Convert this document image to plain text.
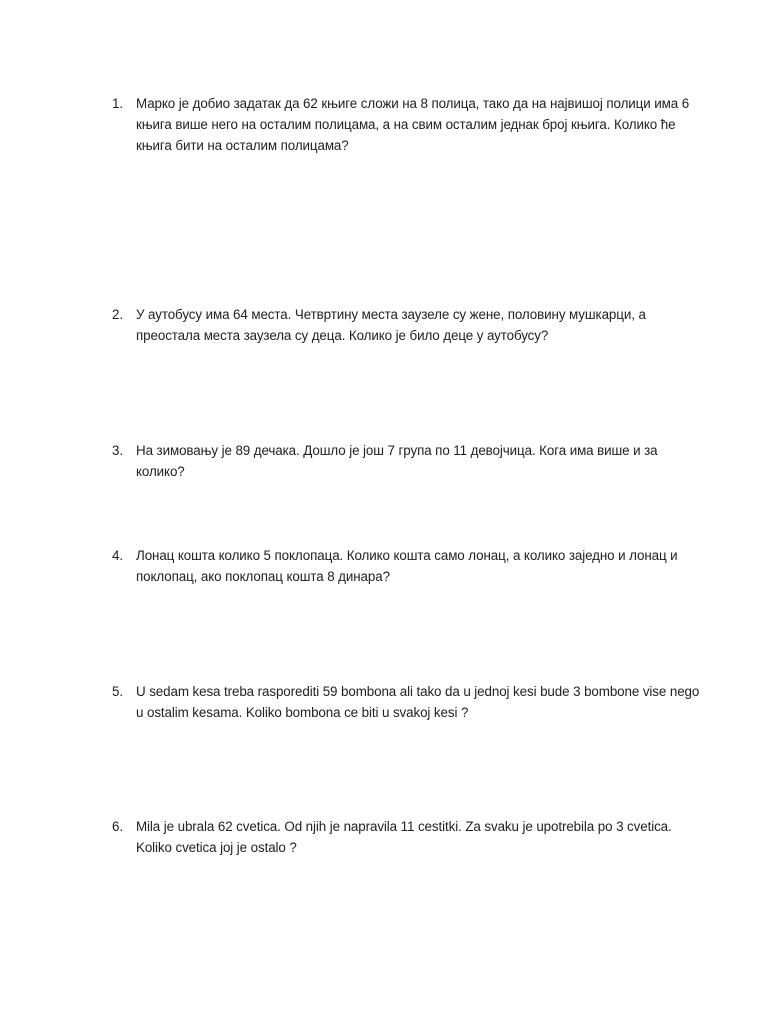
1. Марко је добио задатак да 62 књиге сложи на 8 полица, тако да на највишој полици има 6
књига више него на осталим полицама, а на свим осталим једнак број књига. Колико ће
књига бити на осталим полицама?
2. У аутобусу има 64 места. Четвртину места заузеле су жене, половину мушкарци, а
преостала места заузела су деца. Колико је било деце у аутобусу?
3. На зимовању је 89 дечака. Дошло је још 7 група по 11 девојчица. Кога има више и за
колико?
4. Лонац кошта колико 5 поклопаца. Колико кошта само лонац, а колико заједно и лонац и
поклопац, ако поклопац кошта 8 динара?
5. U sedam kesa treba rasporediti 59 bombona ali tako da u jednoj kesi bude 3 bombone vise nego
u ostalim kesama. Koliko bombona ce biti u svakoj kesi ?
6. Mila je ubrala 62 cvetica. Od njih je napravila 11 cestitki. Za svaku je upotrebila po 3 cvetica.
Koliko cvetica joj je ostalo ?
